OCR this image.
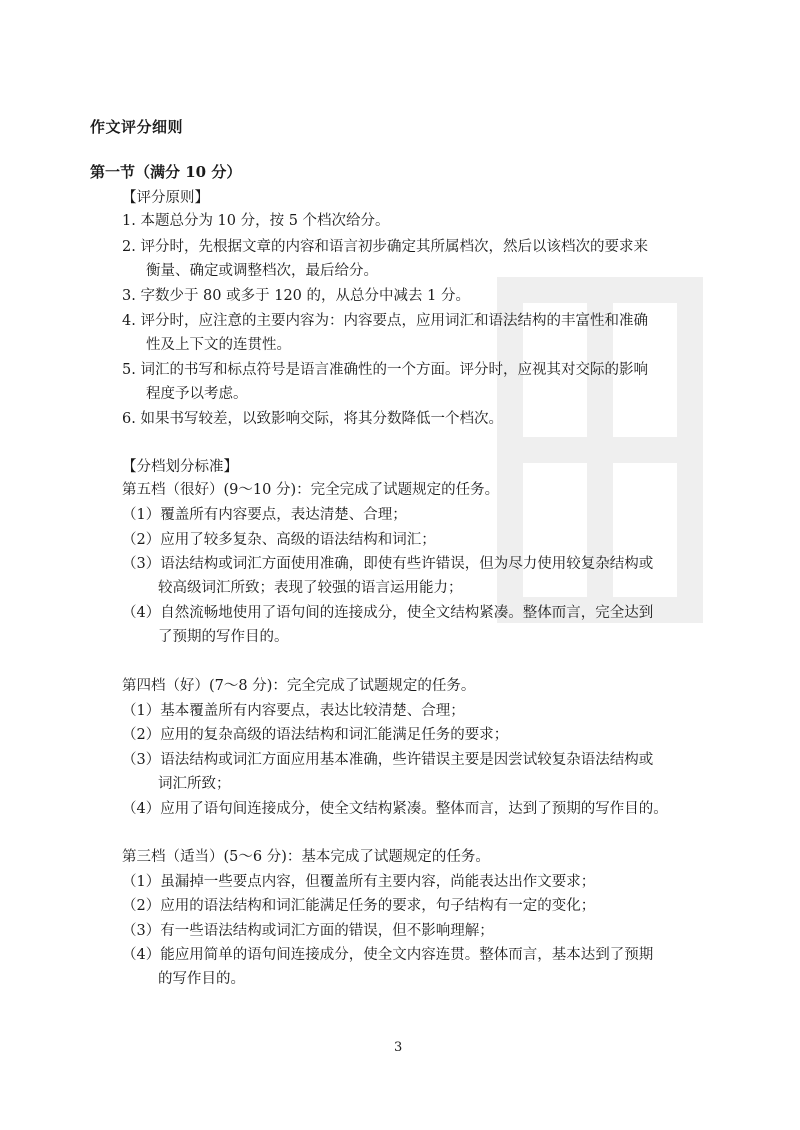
作文评分细则
第一节（满分 10 分）
【评分原则】
1. 本题总分为 10 分，按 5 个档次给分。
2. 评分时，先根据文章的内容和语言初步确定其所属档次，然后以该档次的要求来
衡量、确定或调整档次，最后给分。
3. 字数少于 80 或多于 120 的，从总分中减去 1 分。
4. 评分时，应注意的主要内容为：内容要点，应用词汇和语法结构的丰富性和准确
性及上下文的连贯性。
5. 词汇的书写和标点符号是语言准确性的一个方面。评分时，应视其对交际的影响
程度予以考虑。
6. 如果书写较差，以致影响交际，将其分数降低一个档次。
【分档划分标准】
第五档（很好）(9～10 分)：完全完成了试题规定的任务。
（1）覆盖所有内容要点，表达清楚、合理；
（2）应用了较多复杂、高级的语法结构和词汇；
（3）语法结构或词汇方面使用准确，即使有些许错误，但为尽力使用较复杂结构或
较高级词汇所致；表现了较强的语言运用能力；
（4）自然流畅地使用了语句间的连接成分，使全文结构紧凑。整体而言，完全达到
了预期的写作目的。
第四档（好）(7～8 分)：完全完成了试题规定的任务。
（1）基本覆盖所有内容要点，表达比较清楚、合理；
（2）应用的复杂高级的语法结构和词汇能满足任务的要求；
（3）语法结构或词汇方面应用基本准确，些许错误主要是因尝试较复杂语法结构或
词汇所致；
（4）应用了语句间连接成分，使全文结构紧凑。整体而言，达到了预期的写作目的。
第三档（适当）(5～6 分)：基本完成了试题规定的任务。
（1）虽漏掉一些要点内容，但覆盖所有主要内容，尚能表达出作文要求；
（2）应用的语法结构和词汇能满足任务的要求，句子结构有一定的变化；
（3）有一些语法结构或词汇方面的错误，但不影响理解；
（4）能应用简单的语句间连接成分，使全文内容连贯。整体而言，基本达到了预期
的写作目的。
3
